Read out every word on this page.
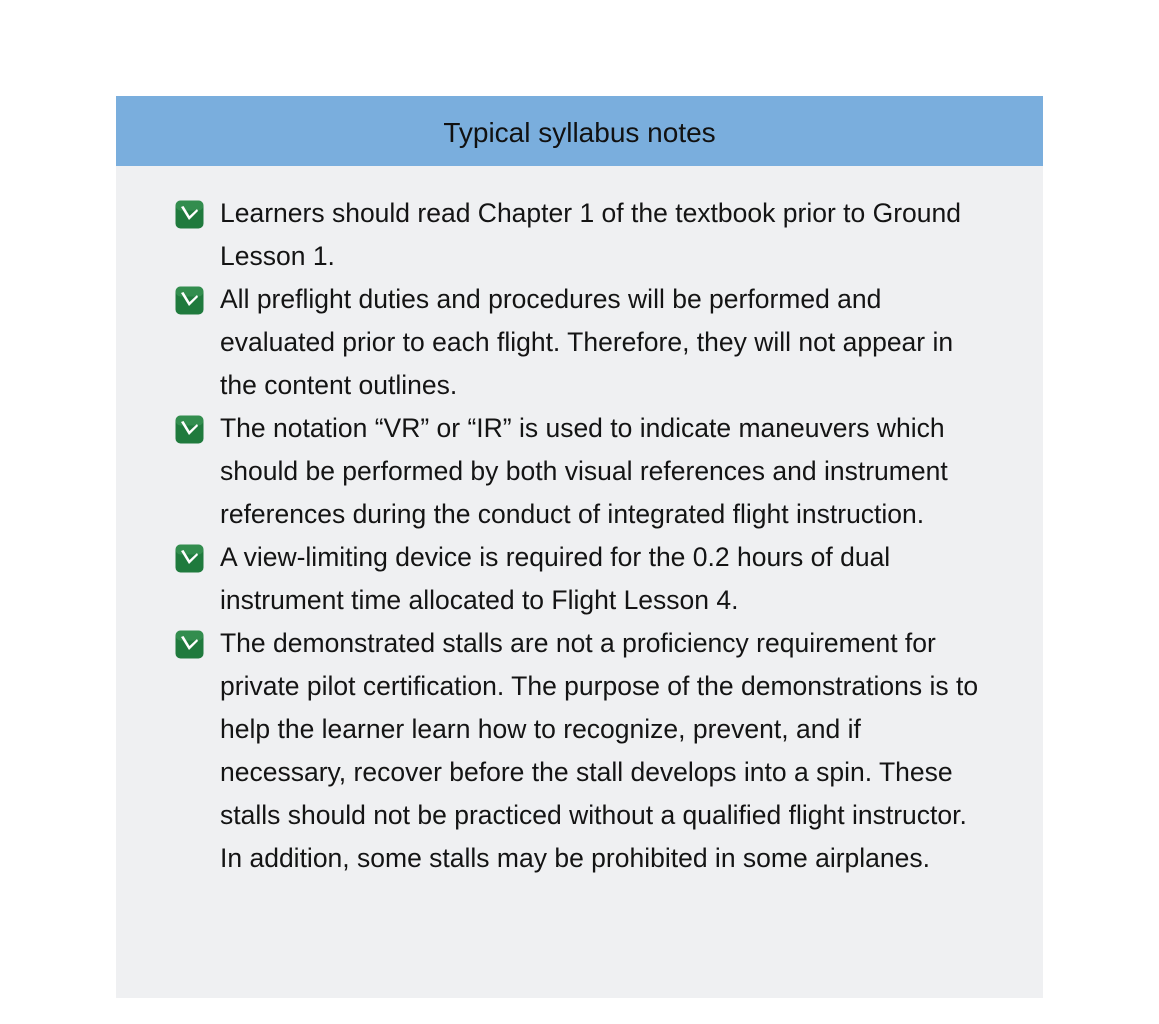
Typical syllabus notes
Learners should read Chapter 1 of the textbook prior to Ground Lesson 1.
All preflight duties and procedures will be performed and evaluated prior to each flight. Therefore, they will not appear in the content outlines.
The notation “VR” or “IR” is used to indicate maneuvers which should be performed by both visual references and instrument references during the conduct of integrated flight instruction.
A view-limiting device is required for the 0.2 hours of dual instrument time allocated to Flight Lesson 4.
The demonstrated stalls are not a proficiency requirement for private pilot certification. The purpose of the demonstrations is to help the learner learn how to recognize, prevent, and if necessary, recover before the stall develops into a spin. These stalls should not be practiced without a qualified flight instructor. In addition, some stalls may be prohibited in some airplanes.
